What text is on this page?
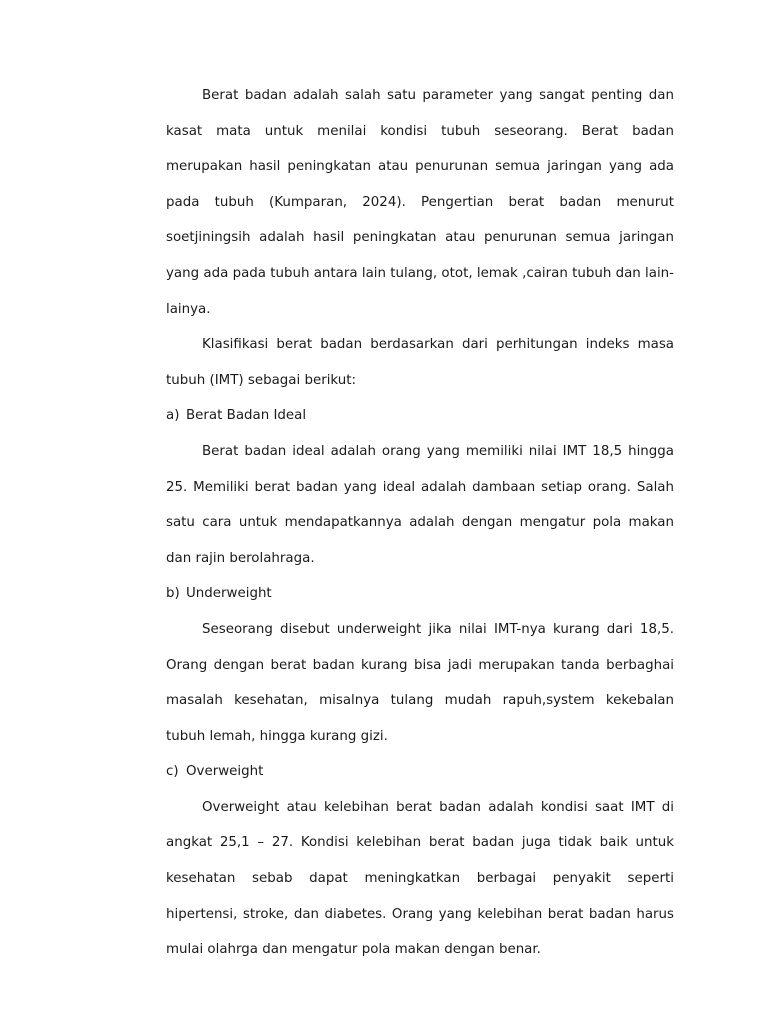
Berat badan adalah salah satu parameter yang sangat penting dan kasat mata untuk menilai kondisi tubuh seseorang. Berat badan merupakan hasil peningkatan atau penurunan semua jaringan yang ada pada tubuh (Kumparan, 2024). Pengertian berat badan menurut soetjiningsih adalah hasil peningkatan atau penurunan semua jaringan yang ada pada tubuh antara lain tulang, otot, lemak ,cairan tubuh dan lain-lainya.

Klasifikasi berat badan berdasarkan dari perhitungan indeks masa tubuh (IMT) sebagai berikut:

a) Berat Badan Ideal

Berat badan ideal adalah orang yang memiliki nilai IMT 18,5 hingga 25. Memiliki berat badan yang ideal adalah dambaan setiap orang. Salah satu cara untuk mendapatkannya adalah dengan mengatur pola makan dan rajin berolahraga.

b) Underweight

Seseorang disebut underweight jika nilai IMT-nya kurang dari 18,5. Orang dengan berat badan kurang bisa jadi merupakan tanda berbaghai masalah kesehatan, misalnya tulang mudah rapuh,system kekebalan tubuh lemah, hingga kurang gizi.

c) Overweight

Overweight atau kelebihan berat badan adalah kondisi saat IMT di angkat 25,1 – 27. Kondisi kelebihan berat badan juga tidak baik untuk kesehatan sebab dapat meningkatkan berbagai penyakit seperti hipertensi, stroke, dan diabetes. Orang yang kelebihan berat badan harus mulai olahrga dan mengatur pola makan dengan benar.
